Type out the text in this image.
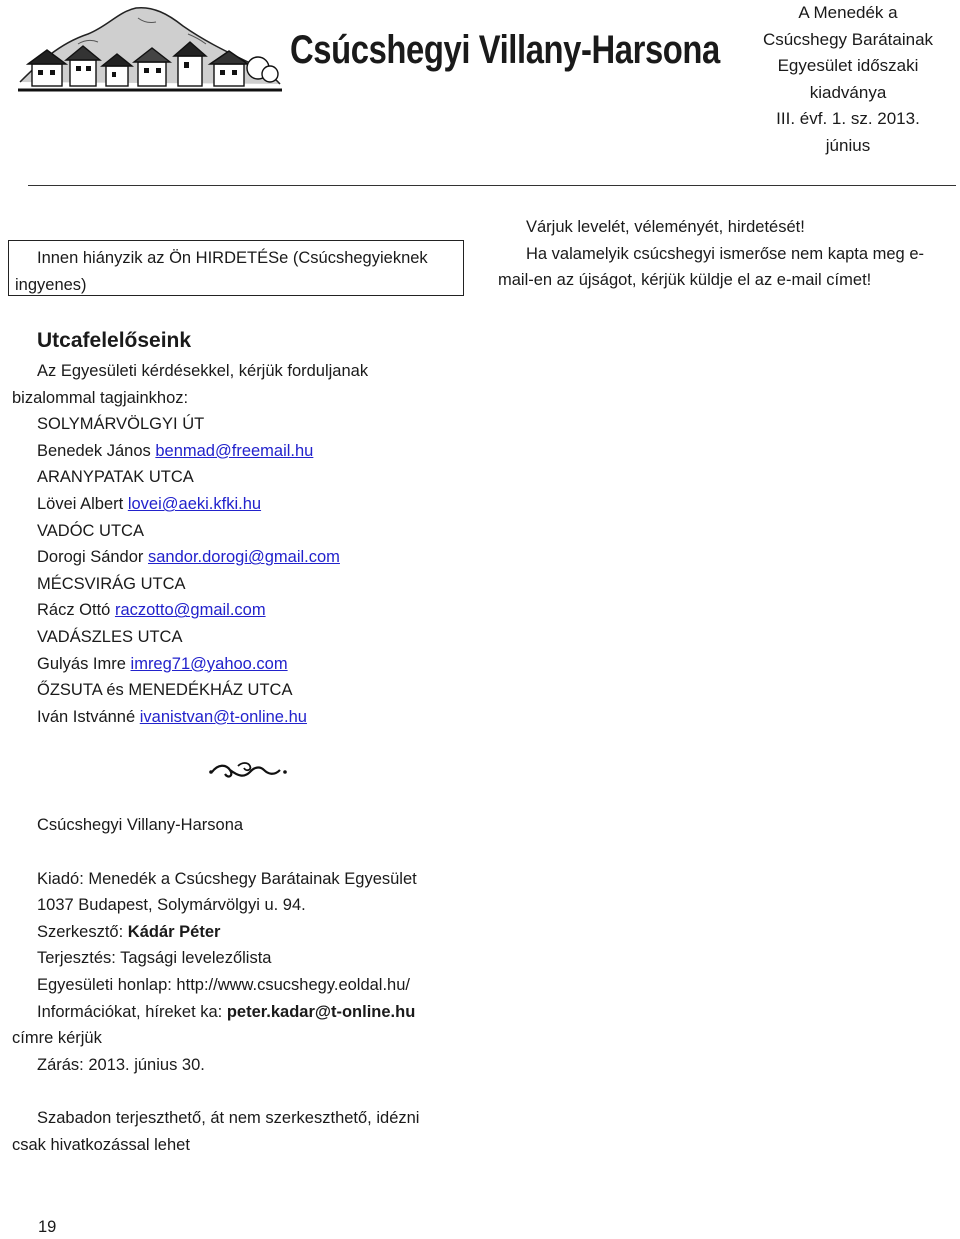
Csúcshegyi Villany-Harsona
A Menedék a
Csúcshegy Barátainak
Egyesület időszaki
kiadványa
III. évf. 1. sz. 2013.
június
Innen hiányzik az Ön HIRDETÉSe (Csúcshegyieknek
ingyenes)
Várjuk levelét, véleményét, hirdetését!
Ha valamelyik csúcshegyi ismerőse nem kapta meg e-
mail-en az újságot, kérjük küldje el az e-mail címet!
Utcafelelőseink
Az Egyesületi kérdésekkel, kérjük forduljanak
bizalommal tagjainkhoz:
SOLYMÁRVÖLGYI ÚT
Benedek János benmad@freemail.hu
ARANYPATAK UTCA
Lövei Albert lovei@aeki.kfki.hu
VADÓC UTCA
Dorogi Sándor sandor.dorogi@gmail.com
MÉCSVIRÁG UTCA
Rácz Ottó raczotto@gmail.com
VADÁSZLES UTCA
Gulyás Imre imreg71@yahoo.com
ŐZSUTA és MENEDÉKHÁZ UTCA
Iván Istvánné ivanistvan@t-online.hu
Csúcshegyi Villany-Harsona
Kiadó: Menedék a Csúcshegy Barátainak Egyesület
1037 Budapest, Solymárvölgyi u. 94.
Szerkesztő: Kádár Péter
Terjesztés: Tagsági levelezőlista
Egyesületi honlap: http://www.csucshegy.eoldal.hu/
Információkat, híreket ka: peter.kadar@t-online.hu
címre kérjük
Zárás: 2013. június 30.
Szabadon terjeszthető, át nem szerkeszthető, idézni
csak hivatkozással lehet
19
